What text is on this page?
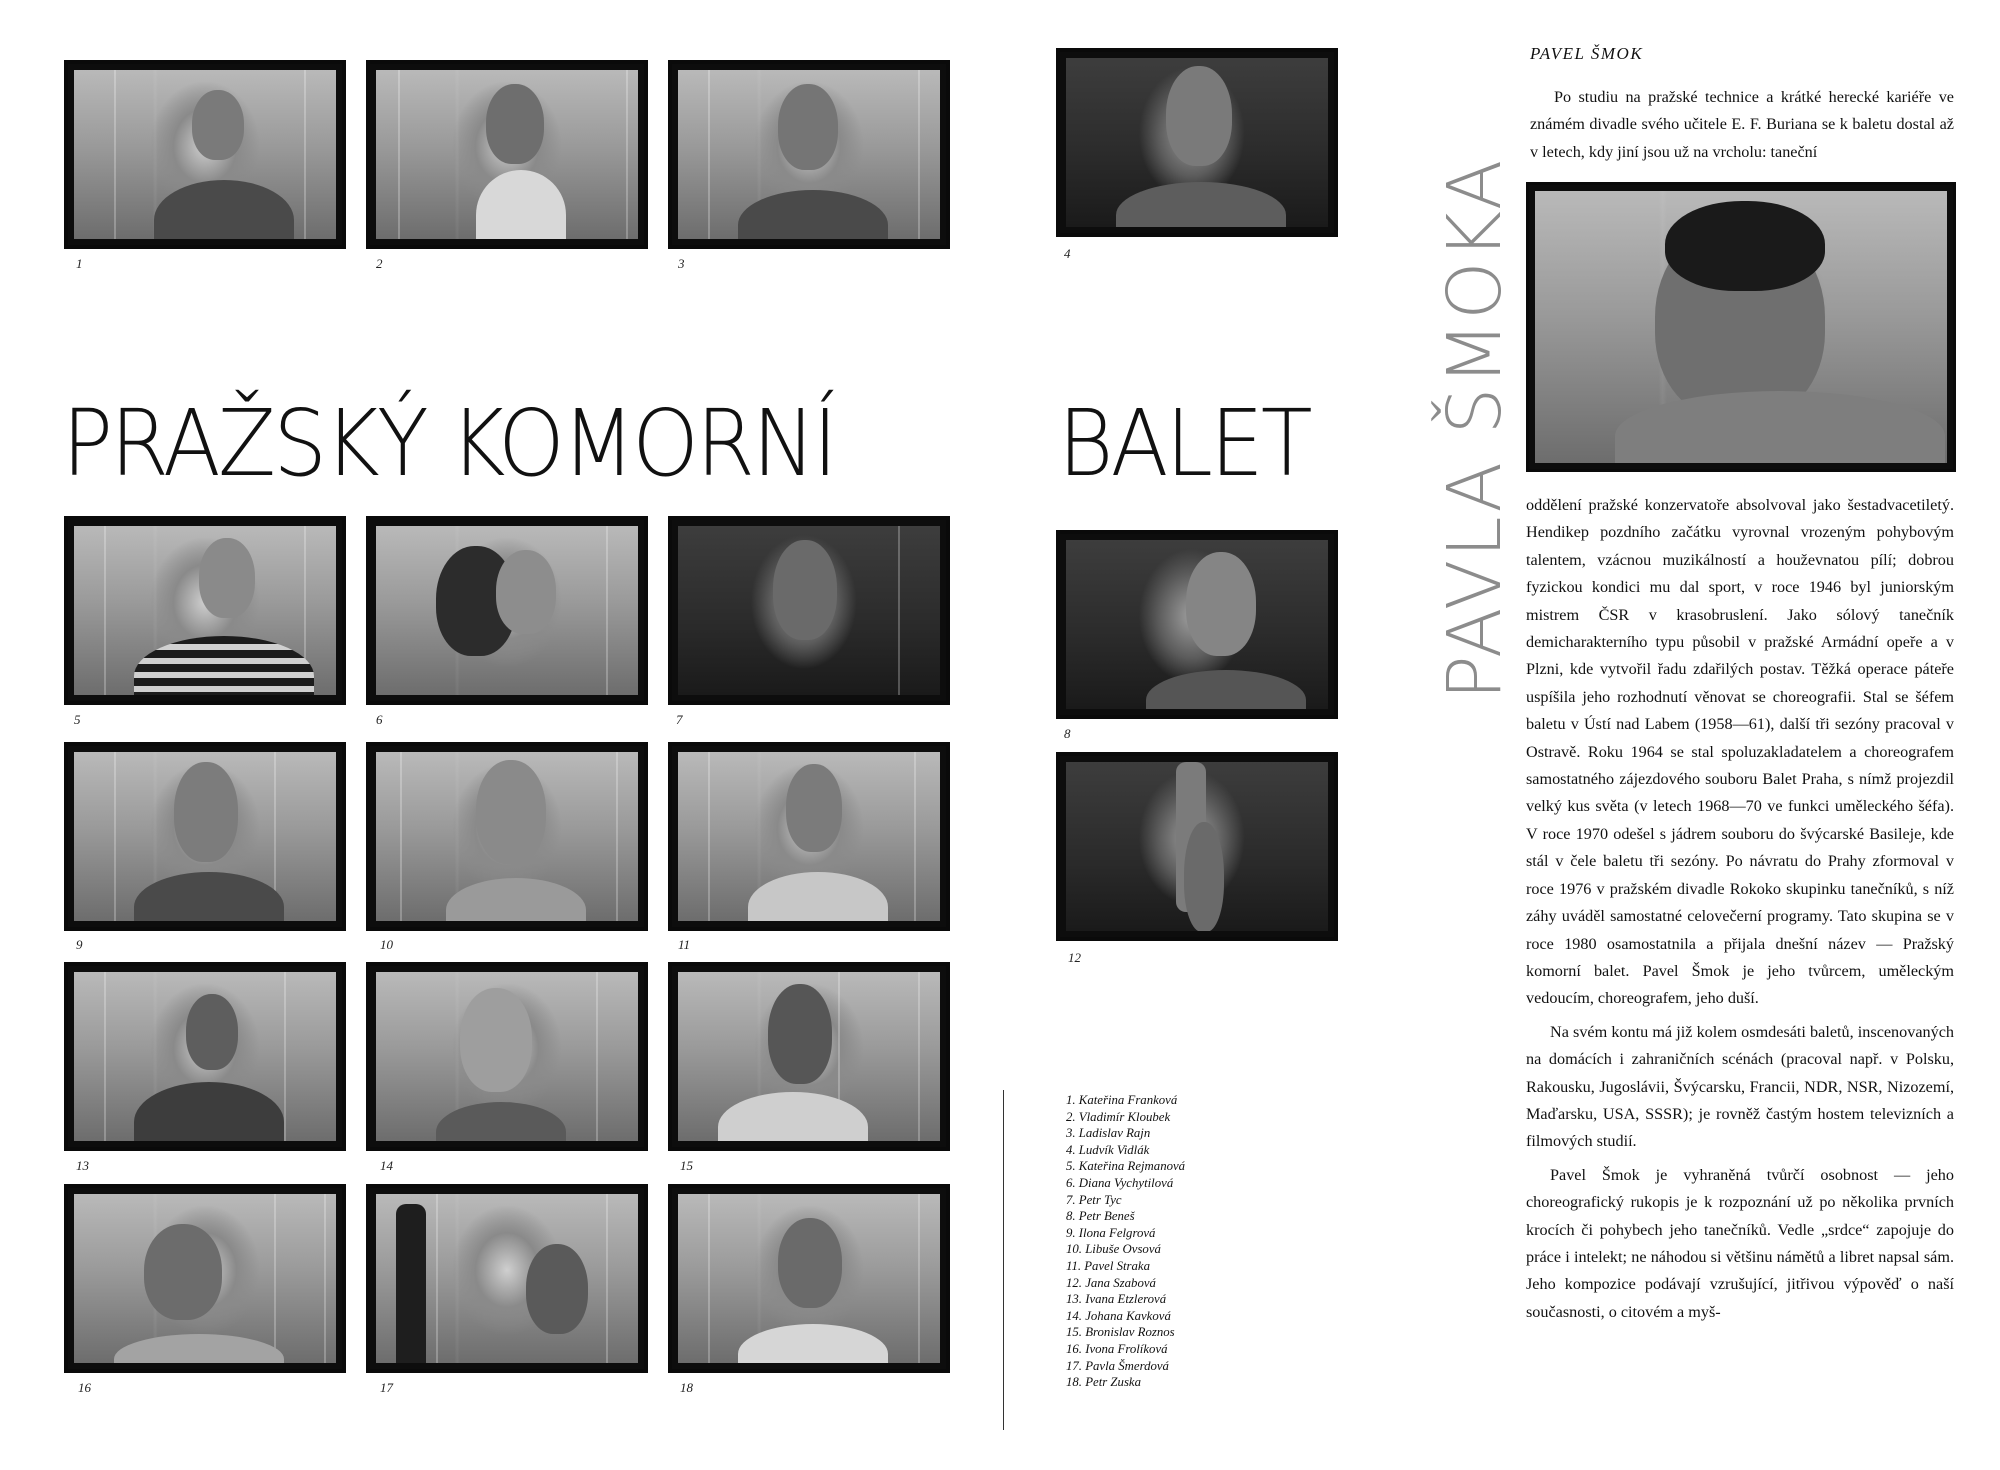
1	2	3
PRAŽSKÝ KOMORNÍ
5	6	7
9	10	11
13	14	15
16	17	18
4
BALET
8
12
1. Kateřina Franková
2. Vladimír Kloubek
3. Ladislav Rajn
4. Ludvík Vidlák
5. Kateřina Rejmanová
6. Diana Vychytilová
7. Petr Tyc
8. Petr Beneš
9. Ilona Felgrová
10. Libuše Ovsová
11. Pavel Straka
12. Jana Szabová
13. Ivana Etzlerová
14. Johana Kavková
15. Bronislav Roznos
16. Ivona Frolíková
17. Pavla Šmerdová
18. Petr Zuska
PAVLA ŠMOKA
PAVEL ŠMOK

Po studiu na pražské technice a krátké herecké kariéře ve známém divadle svého učitele E. F. Buriana se k baletu dostal až v letech, kdy jiní jsou už na vrcholu: taneční

oddělení pražské konzervatoře absolvoval jako šestadvacetiletý. Hendikep pozdního začátku vyrovnal vrozeným pohybovým talentem, vzácnou muzikálností a houževnatou pílí; dobrou fyzickou kondici mu dal sport, v roce 1946 byl juniorským mistrem ČSR v krasobruslení. Jako sólový tanečník demicharakterního typu působil v pražské Armádní opeře a v Plzni, kde vytvořil řadu zdařilých postav. Těžká operace páteře uspíšila jeho rozhodnutí věnovat se choreografii. Stal se šéfem baletu v Ústí nad Labem (1958—61), další tři sezóny pracoval v Ostravě. Roku 1964 se stal spoluzakladatelem a choreografem samostatného zájezdového souboru Balet Praha, s nímž projezdil velký kus světa (v letech 1968—70 ve funkci uměleckého šéfa). V roce 1970 odešel s jádrem souboru do švýcarské Basileje, kde stál v čele baletu tři sezóny. Po návratu do Prahy zformoval v roce 1976 v pražském divadle Rokoko skupinku tanečníků, s níž záhy uváděl samostatné celovečerní programy. Tato skupina se v roce 1980 osamostatnila a přijala dnešní název — Pražský komorní balet. Pavel Šmok je jeho tvůrcem, uměleckým vedoucím, choreografem, jeho duší.

Na svém kontu má již kolem osmdesáti baletů, inscenovaných na domácích i zahraničních scénách (pracoval např. v Polsku, Rakousku, Jugoslávii, Švýcarsku, Francii, NDR, NSR, Nizozemí, Maďarsku, USA, SSSR); je rovněž častým hostem televizních a filmových studií.

Pavel Šmok je vyhraněná tvůrčí osobnost — jeho choreografický rukopis je k rozpoznání už po několika prvních krocích či pohybech jeho tanečníků. Vedle „srdce“ zapojuje do práce i intelekt; ne náhodou si většinu námětů a libret napsal sám. Jeho kompozice podávají vzrušující, jitřivou výpověď o naší současnosti, o citovém a myš-
